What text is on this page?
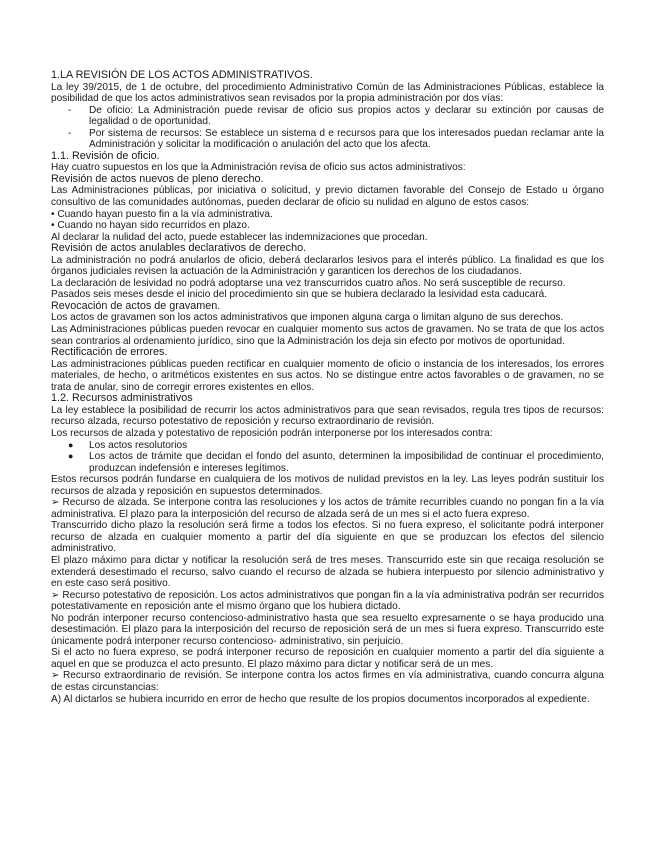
1.LA REVISIÓN DE LOS ACTOS ADMINISTRATIVOS.

La ley 39/2015, de 1 de octubre, del procedimiento Administrativo Común de las Administraciones Públicas, establece la posibilidad de que los actos administrativos sean revisados por la propia administración por dos vías:

- De oficio: La Administración puede revisar de oficio sus propios actos y declarar su extinción por causas de legalidad o de oportunidad.
- Por sistema de recursos: Se establece un sistema d e recursos para que los interesados puedan reclamar ante la Administración y solicitar la modificación o anulación del acto que los afecta.
1.1. Revisión de oficio.

Hay cuatro supuestos en los que la Administración revisa de oficio sus actos administrativos:

Revisión de actos nuevos de pleno derecho.

Las Administraciones públicas, por iniciativa o solicitud, y previo dictamen favorable del Consejo de Estado u órgano consultivo de las comunidades autónomas, pueden declarar de oficio su nulidad en alguno de estos casos:

• Cuando hayan puesto fin a la vía administrativa.

• Cuando no hayan sido recurridos en plazo.

Al declarar la nulidad del acto, puede establecer las indemnizaciones que procedan.

Revisión de actos anulables declarativos de derecho.

La administración no podrá anularlos de oficio, deberá declararlos lesivos para el interés público. La finalidad es que los órganos judiciales revisen la actuación de la Administración y garanticen los derechos de los ciudadanos.

La declaración de lesividad no podrá adoptarse una vez transcurridos cuatro años. No será susceptible de recurso.

Pasados seis meses desde el inicio del procedimiento sin que se hubiera declarado la lesividad esta caducará.

Revocación de actos de gravamen.

Los actos de gravamen son los actos administrativos que imponen alguna carga o limitan alguno de sus derechos.

Las Administraciones públicas pueden revocar en cualquier momento sus actos de gravamen. No se trata de que los actos sean contrarios al ordenamiento jurídico, sino que la Administración los deja sin efecto por motivos de oportunidad.

Rectificación de errores.

Las administraciones públicas pueden rectificar en cualquier momento de oficio o instancia de los interesados, los errores materiales, de hecho, o aritméticos existentes en sus actos. No se distingue entre actos favorables o de gravamen, no se trata de anular, sino de corregir errores existentes en ellos.

1.2. Recursos administrativos

La ley establece la posibilidad de recurrir los actos administrativos para que sean revisados, regula tres tipos de recursos: recurso alzada, recurso potestativo de reposición y recurso extraordinario de revisión.

Los recursos de alzada y potestativo de reposición podrán interponerse por los interesados contra:

● Los actos resolutorios
● Los actos de trámite que decidan el fondo del asunto, determinen la imposibilidad de continuar el procedimiento, produzcan indefensión e intereses legítimos.

Estos recursos podrán fundarse en cualquiera de los motivos de nulidad previstos en la ley. Las leyes podrán sustituir los recursos de alzada y reposición en supuestos determinados.

➢ Recurso de alzada. Se interpone contra las resoluciones y los actos de trámite recurribles cuando no pongan fin a la vía administrativa. El plazo para la interposición del recurso de alzada será de un mes si el acto fuera expreso.

Transcurrido dicho plazo la resolución será firme a todos los efectos. Si no fuera expreso, el solicitante podrá interponer recurso de alzada en cualquier momento a partir del día siguiente en que se produzcan los efectos del silencio administrativo.

El plazo máximo para dictar y notificar la resolución será de tres meses. Transcurrido este sin que recaiga resolución se extenderá desestimado el recurso, salvo cuando el recurso de alzada se hubiera interpuesto por silencio administrativo y en este caso será positivo.

➢ Recurso potestativo de reposición. Los actos administrativos que pongan fin a la vía administrativa podrán ser recurridos potestativamente en reposición ante el mismo órgano que los hubiera dictado.

No podrán interponer recurso contencioso-administrativo hasta que sea resuelto expresamente o se haya producido una desestimación. El plazo para la interposición del recurso de reposición será de un mes si fuera expreso. Transcurrido este únicamente podrá interponer recurso contencioso- administrativo, sin perjuicio.

Si el acto no fuera expreso, se podrá interponer recurso de reposición en cualquier momento a partir del día siguiente a aquel en que se produzca el acto presunto. El plazo máximo para dictar y notificar será de un mes.

➢ Recurso extraordinario de revisión. Se interpone contra los actos firmes en vía administrativa, cuando concurra alguna de estas circunstancias:

A) Al dictarlos se hubiera incurrido en error de hecho que resulte de los propios documentos incorporados al expediente.
